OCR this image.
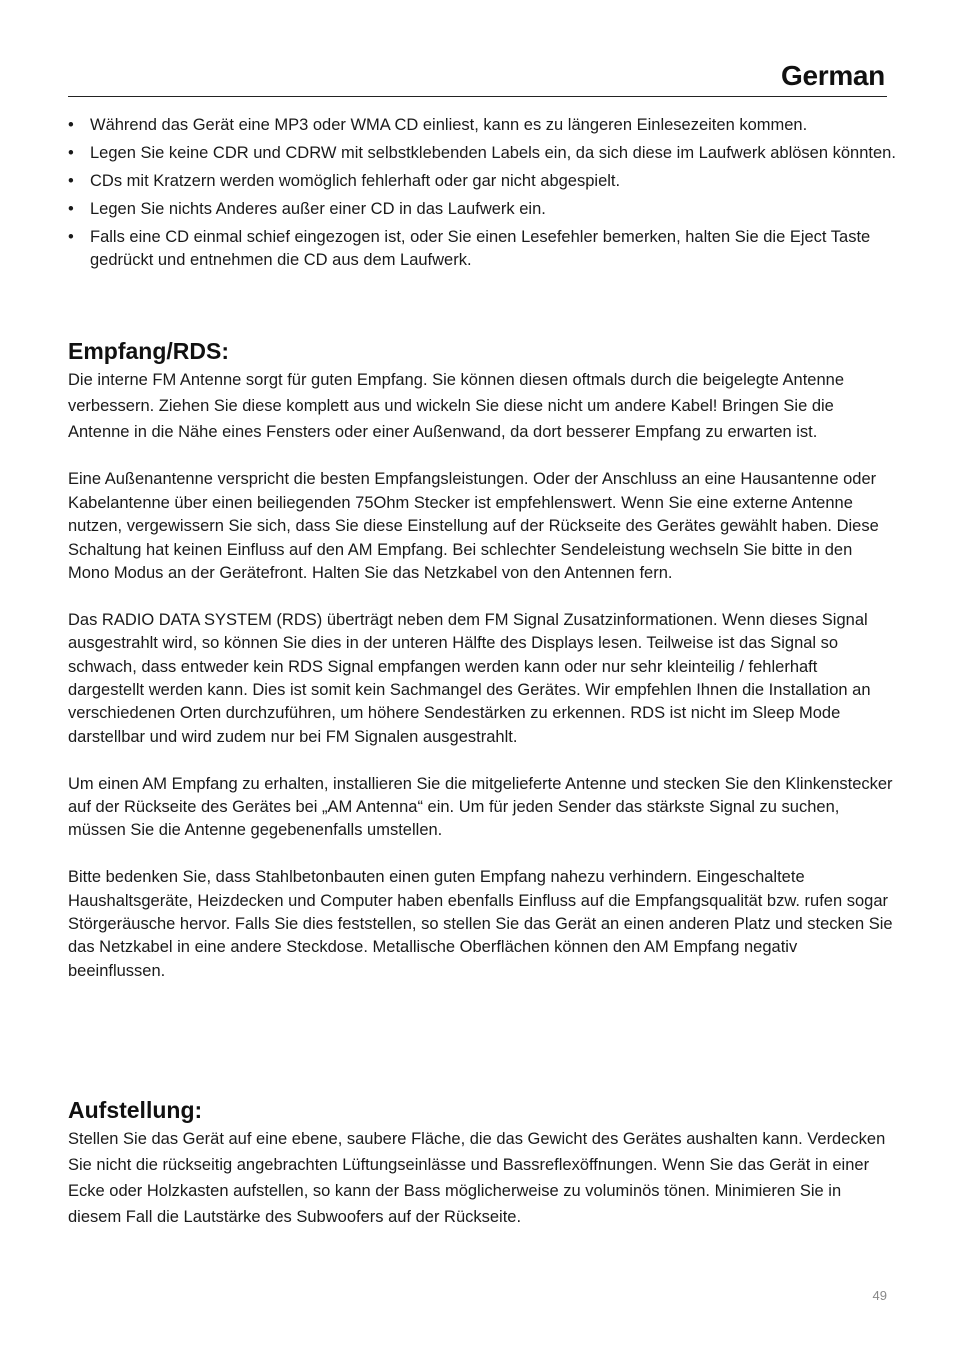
German
• Während das Gerät eine MP3 oder WMA CD einliest, kann es zu längeren Einlesezeiten kommen.
• Legen Sie keine CDR und CDRW mit selbstklebenden Labels ein, da sich diese im Laufwerk ablösen könnten.
• CDs mit Kratzern werden womöglich fehlerhaft oder gar nicht abgespielt.
• Legen Sie nichts Anderes außer einer CD in das Laufwerk ein.
• Falls eine CD einmal schief eingezogen ist, oder Sie einen Lesefehler bemerken, halten Sie die Eject Taste gedrückt und entnehmen die CD aus dem Laufwerk.
Empfang/RDS:

Die interne FM Antenne sorgt für guten Empfang. Sie können diesen oftmals durch die beigelegte Antenne verbessern. Ziehen Sie diese komplett aus und wickeln Sie diese nicht um andere Kabel! Bringen Sie die Antenne in die Nähe eines Fensters oder einer Außenwand, da dort besserer Empfang zu erwarten ist.

Eine Außenantenne verspricht die besten Empfangsleistungen. Oder der Anschluss an eine Hausantenne oder Kabelantenne über einen beiliegenden 75Ohm Stecker ist empfehlenswert. Wenn Sie eine externe Antenne nutzen, vergewissern Sie sich, dass Sie diese Einstellung auf der Rückseite des Gerätes gewählt haben. Diese Schaltung hat keinen Einfluss auf den AM Empfang. Bei schlechter Sendeleistung wechseln Sie bitte in den Mono Modus an der Gerätefront. Halten Sie das Netzkabel von den Antennen fern.

Das RADIO DATA SYSTEM (RDS) überträgt neben dem FM Signal Zusatzinformationen. Wenn dieses Signal ausgestrahlt wird, so können Sie dies in der unteren Hälfte des Displays lesen. Teilweise ist das Signal so schwach, dass entweder kein RDS Signal empfangen werden kann oder nur sehr kleinteilig / fehlerhaft dargestellt werden kann. Dies ist somit kein Sachmangel des Gerätes. Wir empfehlen Ihnen die Installation an verschiedenen Orten durchzuführen, um höhere Sendestärken zu erkennen. RDS ist nicht im Sleep Mode darstellbar und wird zudem nur bei FM Signalen ausgestrahlt.

Um einen AM Empfang zu erhalten, installieren Sie die mitgelieferte Antenne und stecken Sie den Klinkenstecker auf der Rückseite des Gerätes bei „AM Antenna“ ein. Um für jeden Sender das stärkste Signal zu suchen, müssen Sie die Antenne gegebenenfalls umstellen.

Bitte bedenken Sie, dass Stahlbetonbauten einen guten Empfang nahezu verhindern. Eingeschaltete Haushaltsgeräte, Heizdecken und Computer haben ebenfalls Einfluss auf die Empfangsqualität bzw. rufen sogar Störgeräusche hervor. Falls Sie dies feststellen, so stellen Sie das Gerät an einen anderen Platz und stecken Sie das Netzkabel in eine andere Steckdose. Metallische Oberflächen können den AM Empfang negativ beeinflussen.

Aufstellung:

Stellen Sie das Gerät auf eine ebene, saubere Fläche, die das Gewicht des Gerätes aushalten kann. Verdecken Sie nicht die rückseitig angebrachten Lüftungseinlässe und Bassreflexöffnungen. Wenn Sie das Gerät in einer Ecke oder Holzkasten aufstellen, so kann der Bass möglicherweise zu voluminös tönen. Minimieren Sie in diesem Fall die Lautstärke des Subwoofers auf der Rückseite.

49
